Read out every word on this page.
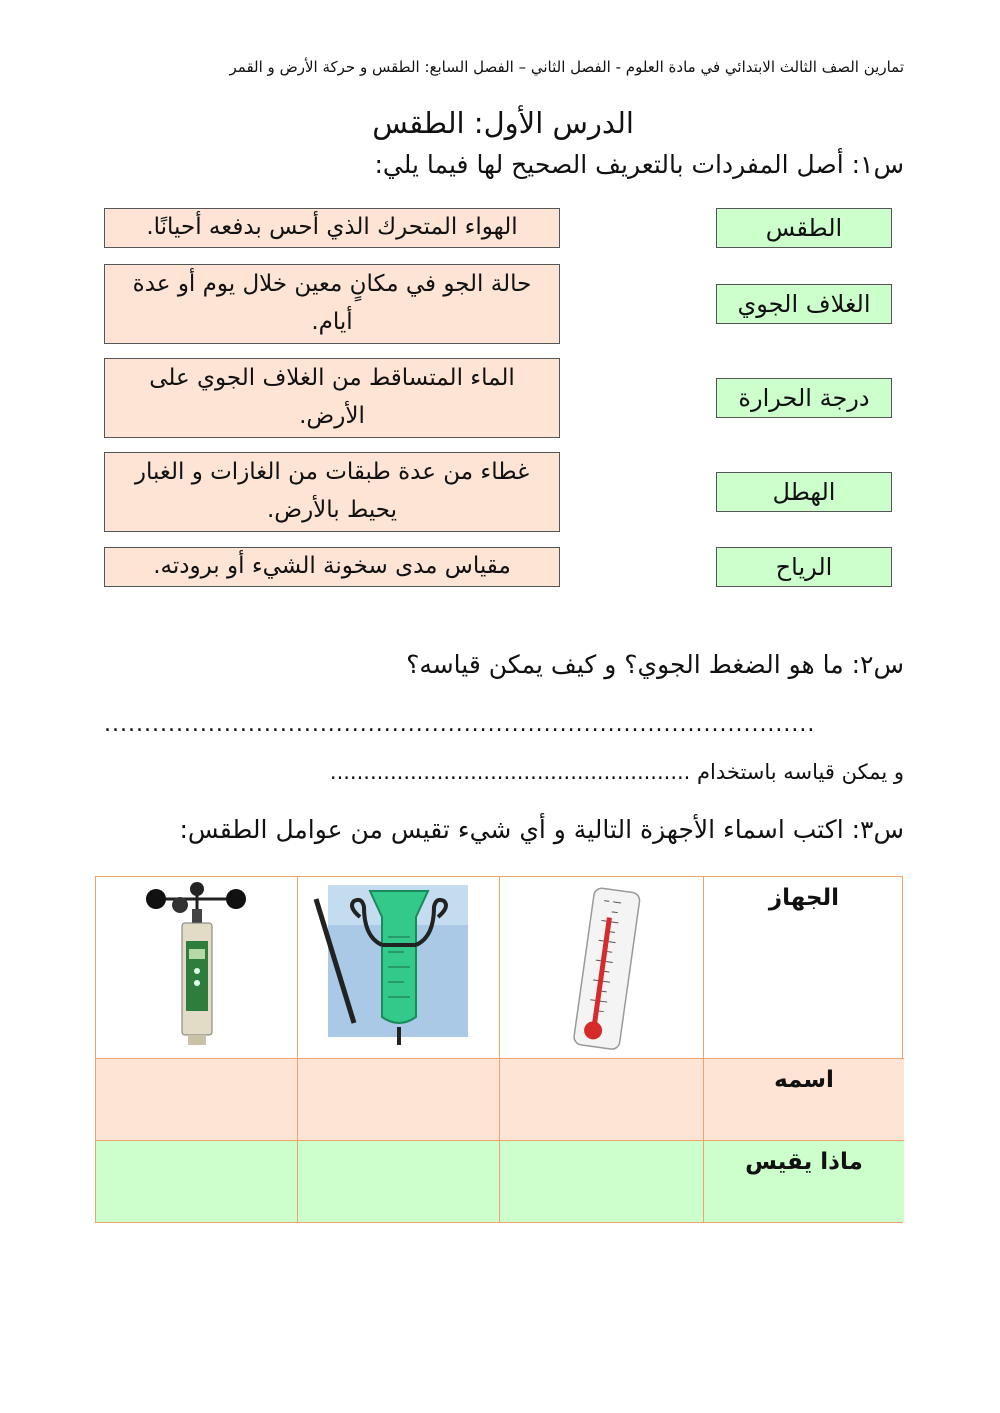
تمارين الصف الثالث الابتدائي في مادة العلوم - الفصل الثاني – الفصل السابع: الطقس و حركة الأرض و القمر
الدرس الأول: الطقس
س١: أصل المفردات بالتعريف الصحيح لها فيما يلي:
الطقس
الغلاف الجوي
درجة الحرارة
الهطل
الرياح
الهواء المتحرك الذي أحس بدفعه أحيانًا.
حالة الجو في مكانٍ معين خلال يوم أو عدة أيام.
الماء المتساقط من الغلاف الجوي على الأرض.
غطاء من عدة طبقات من الغازات و الغبار يحيط بالأرض.
مقياس مدى سخونة الشيء أو برودته.
س٢: ما هو الضغط الجوي؟ و كيف يمكن قياسه؟
.........................................................................................
و يمكن قياسه باستخدام ......................................................
س٣: اكتب اسماء الأجهزة التالية و أي شيء تقيس من عوامل الطقس:
الجهاز
اسمه
ماذا يقيس
